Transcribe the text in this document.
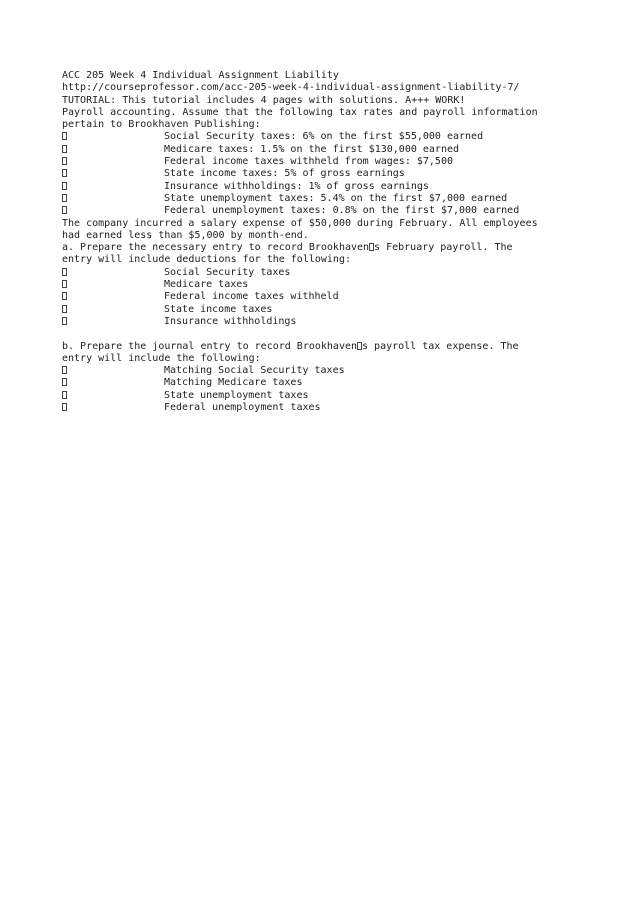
ACC 205 Week 4 Individual Assignment Liability
http://courseprofessor.com/acc-205-week-4-individual-assignment-liability-7/
TUTORIAL: This tutorial includes 4 pages with solutions. A+++ WORK!
Payroll accounting. Assume that the following tax rates and payroll information
pertain to Brookhaven Publishing:
Social Security taxes: 6% on the first $55,000 earned
Medicare taxes: 1.5% on the first $130,000 earned
Federal income taxes withheld from wages: $7,500
State income taxes: 5% of gross earnings
Insurance withholdings: 1% of gross earnings
State unemployment taxes: 5.4% on the first $7,000 earned
Federal unemployment taxes: 0.8% on the first $7,000 earned
The company incurred a salary expense of $50,000 during February. All employees
had earned less than $5,000 by month-end.
a. Prepare the necessary entry to record Brookhaven s February payroll. The
entry will include deductions for the following:
Social Security taxes
Medicare taxes
Federal income taxes withheld
State income taxes
Insurance withholdings
b. Prepare the journal entry to record Brookhaven s payroll tax expense. The
entry will include the following:
Matching Social Security taxes
Matching Medicare taxes
State unemployment taxes
Federal unemployment taxes
